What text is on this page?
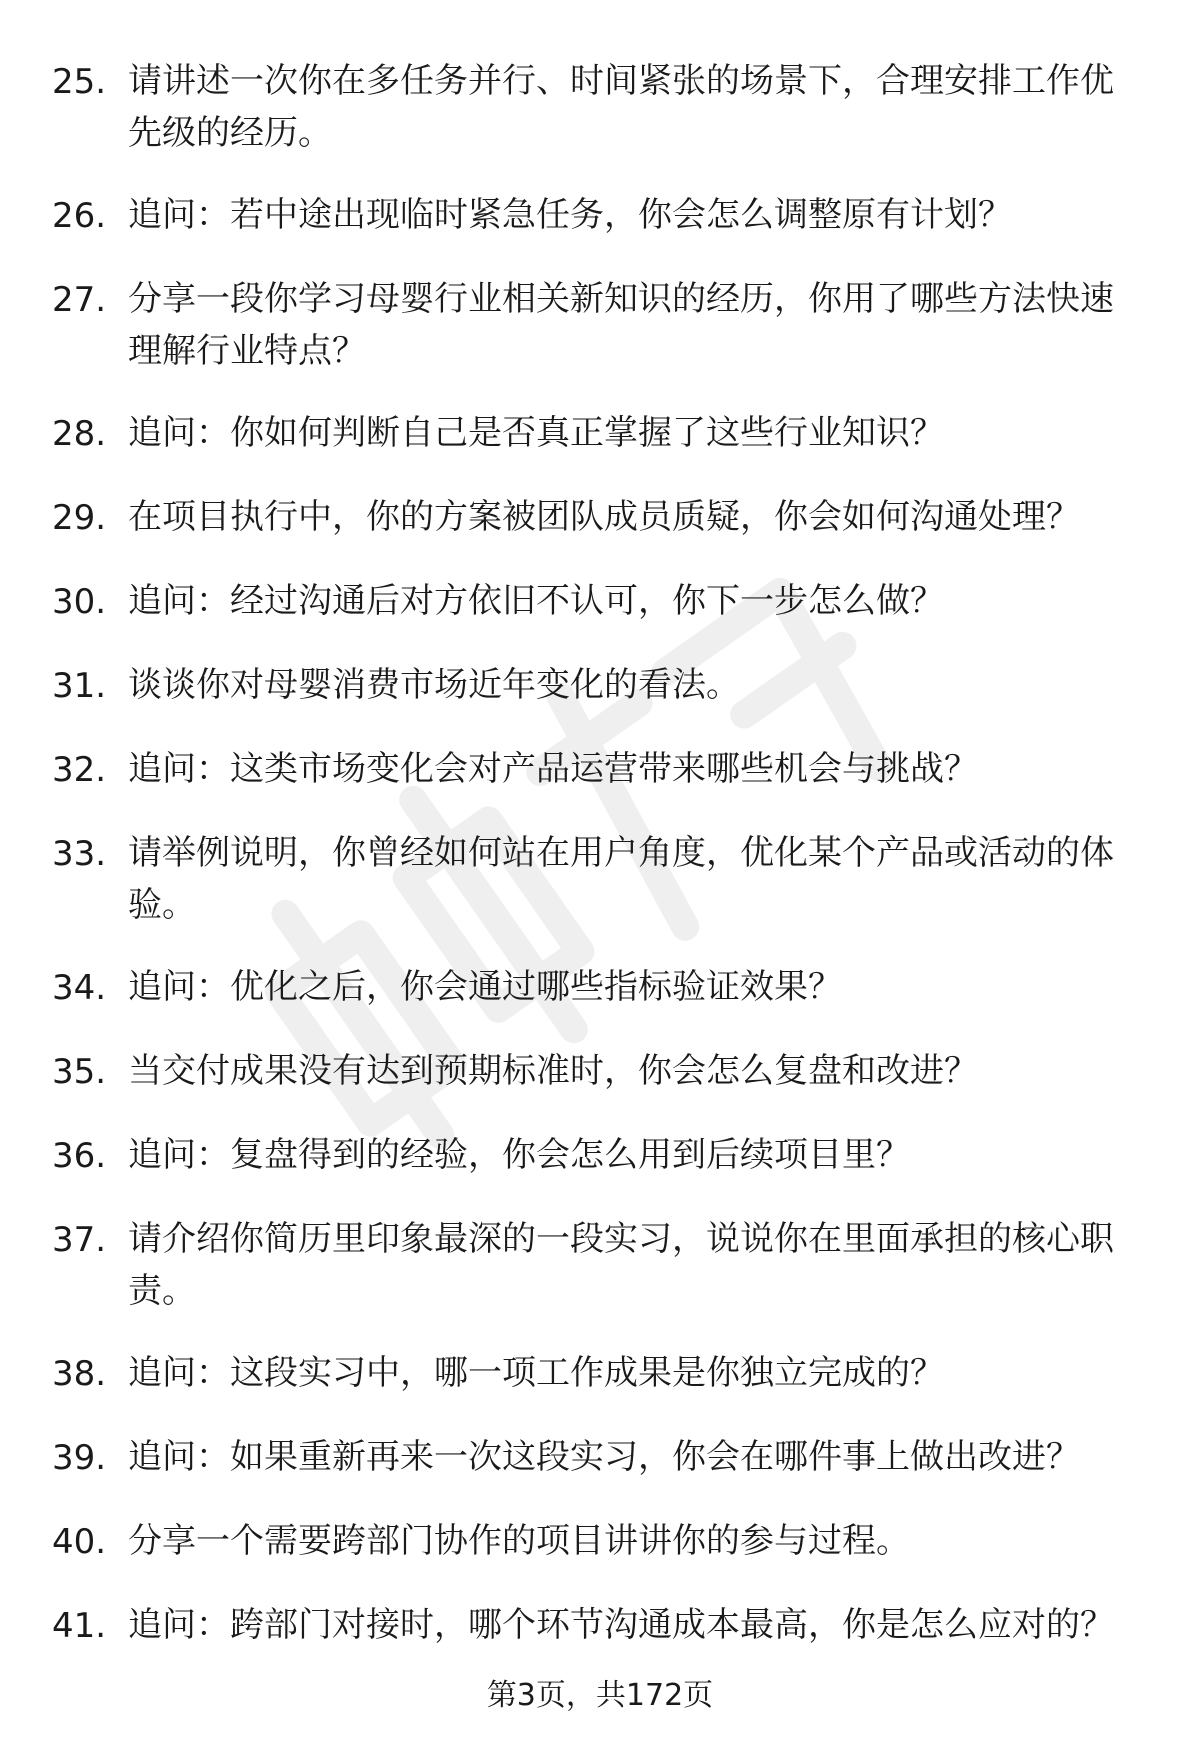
25. 请讲述一次你在多任务并行、时间紧张的场景下，合理安排工作优先级的经历。
26. 追问：若中途出现临时紧急任务，你会怎么调整原有计划？
27. 分享一段你学习母婴行业相关新知识的经历，你用了哪些方法快速理解行业特点？
28. 追问：你如何判断自己是否真正掌握了这些行业知识？
29. 在项目执行中，你的方案被团队成员质疑，你会如何沟通处理？
30. 追问：经过沟通后对方依旧不认可，你下一步怎么做？
31. 谈谈你对母婴消费市场近年变化的看法。
32. 追问：这类市场变化会对产品运营带来哪些机会与挑战？
33. 请举例说明，你曾经如何站在用户角度，优化某个产品或活动的体验。
34. 追问：优化之后，你会通过哪些指标验证效果？
35. 当交付成果没有达到预期标准时，你会怎么复盘和改进？
36. 追问：复盘得到的经验，你会怎么用到后续项目里？
37. 请介绍你简历里印象最深的一段实习，说说你在里面承担的核心职责。
38. 追问：这段实习中，哪一项工作成果是你独立完成的？
39. 追问：如果重新再来一次这段实习，你会在哪件事上做出改进？
40. 分享一个需要跨部门协作的项目讲讲你的参与过程。
41. 追问：跨部门对接时，哪个环节沟通成本最高，你是怎么应对的？
第3页，共172页
